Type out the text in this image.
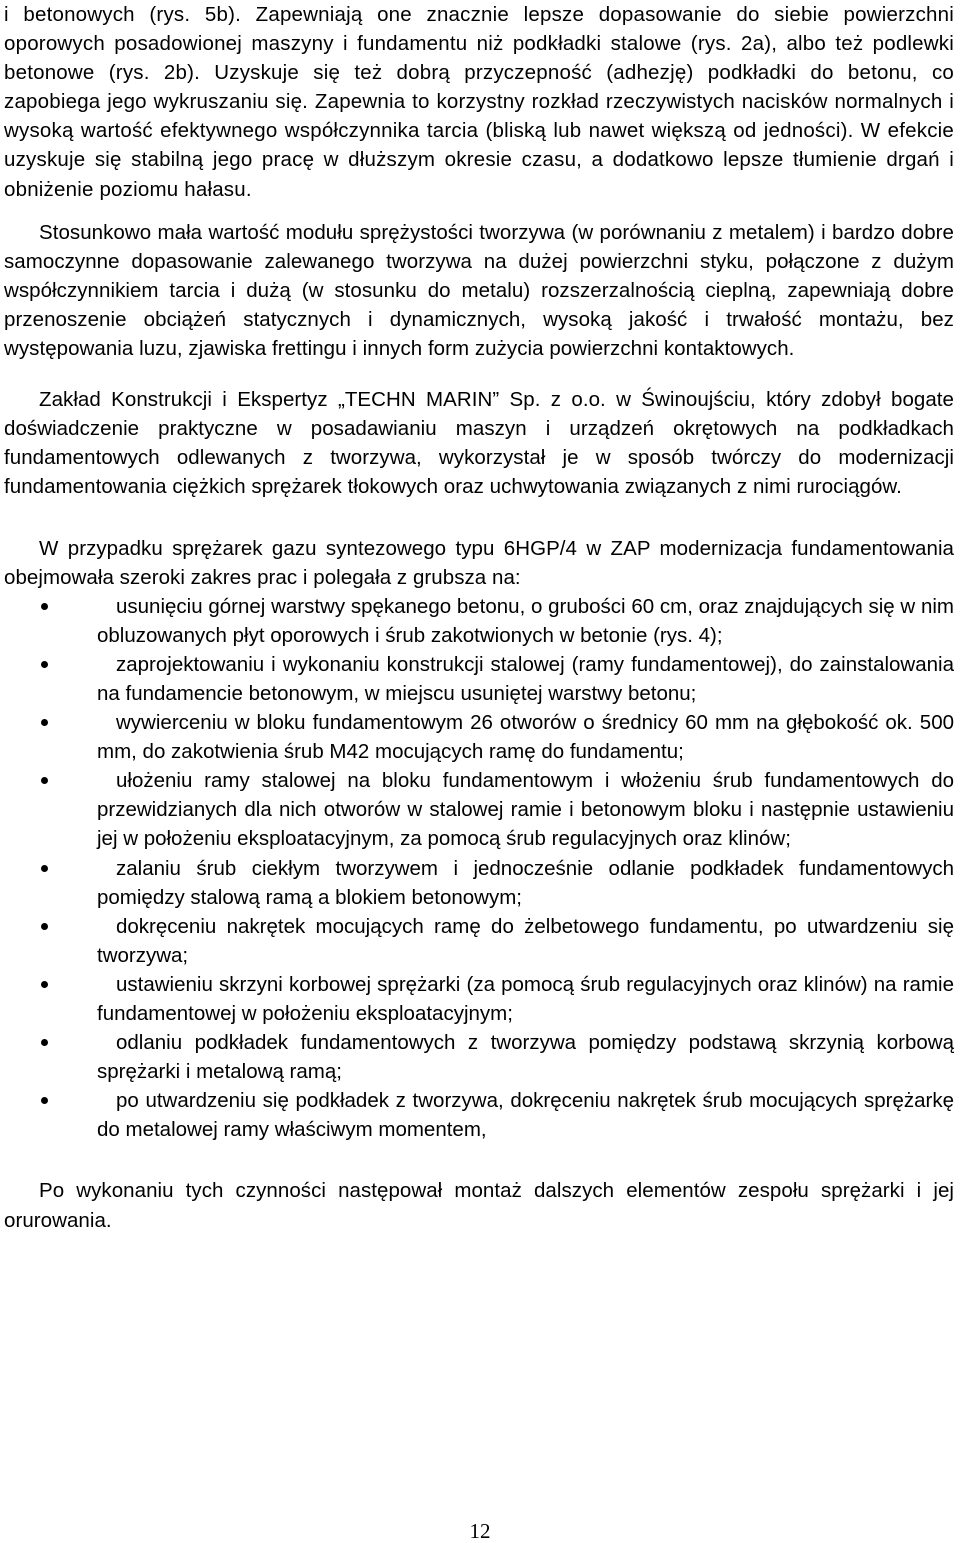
i betonowych (rys. 5b). Zapewniają one znacznie lepsze dopasowanie do siebie powierzchni oporowych posadowionej maszyny i fundamentu niż podkładki stalowe (rys. 2a), albo też podlewki betonowe (rys. 2b). Uzyskuje się też dobrą przyczepność (adhezję) podkładki do betonu, co zapobiega jego wykruszaniu się. Zapewnia to korzystny rozkład rzeczywistych nacisków normalnych i wysoką wartość efektywnego współczynnika tarcia (bliską lub nawet większą od jedności). W efekcie uzyskuje się stabilną jego pracę w dłuższym okresie czasu, a dodatkowo lepsze tłumienie drgań i obniżenie poziomu hałasu.

Stosunkowo mała wartość modułu sprężystości tworzywa (w porównaniu z metalem) i bardzo dobre samoczynne dopasowanie zalewanego tworzywa na dużej powierzchni styku, połączone z dużym współczynnikiem tarcia i dużą (w stosunku do metalu) rozszerzalnością cieplną, zapewniają dobre przenoszenie obciążeń statycznych i dynamicznych, wysoką jakość i trwałość montażu, bez występowania luzu, zjawiska frettingu i innych form zużycia powierzchni kontaktowych.

Zakład Konstrukcji i Ekspertyz „TECHN MARIN” Sp. z o.o. w Świnoujściu, który zdobył bogate doświadczenie praktyczne w posadawianiu maszyn i urządzeń okrętowych na podkładkach fundamentowych odlewanych z tworzywa, wykorzystał je w sposób twórczy do modernizacji fundamentowania ciężkich sprężarek tłokowych oraz uchwytowania związanych z nimi rurociągów.

W przypadku sprężarek gazu syntezowego typu 6HGP/4 w ZAP modernizacja fundamentowania obejmowała szeroki zakres prac i polegała z grubsza na:

usunięciu górnej warstwy spękanego betonu, o grubości 60 cm, oraz znajdujących się w nim obluzowanych płyt oporowych i śrub zakotwionych w betonie (rys. 4);
zaprojektowaniu i wykonaniu konstrukcji stalowej (ramy fundamentowej), do zainstalowania na fundamencie betonowym, w miejscu usuniętej warstwy betonu;
wywierceniu w bloku fundamentowym 26 otworów o średnicy 60 mm na głębokość ok. 500 mm, do zakotwienia śrub M42 mocujących ramę do fundamentu;
ułożeniu ramy stalowej na bloku fundamentowym i włożeniu śrub fundamentowych do przewidzianych dla nich otworów w stalowej ramie i betonowym bloku i następnie ustawieniu jej w położeniu eksploatacyjnym, za pomocą śrub regulacyjnych oraz klinów;
zalaniu śrub ciekłym tworzywem i jednocześnie odlanie podkładek fundamentowych pomiędzy stalową ramą a blokiem betonowym;
dokręceniu nakrętek mocujących ramę do żelbetowego fundamentu, po utwardzeniu się tworzywa;
ustawieniu skrzyni korbowej sprężarki (za pomocą śrub regulacyjnych oraz klinów) na ramie fundamentowej w położeniu eksploatacyjnym;
odlaniu podkładek fundamentowych z tworzywa pomiędzy podstawą skrzynią korbową sprężarki i metalową ramą;
po utwardzeniu się podkładek z tworzywa, dokręceniu nakrętek śrub mocujących sprężarkę do metalowej ramy właściwym momentem,

Po wykonaniu tych czynności następował montaż dalszych elementów zespołu sprężarki i jej orurowania.

12
